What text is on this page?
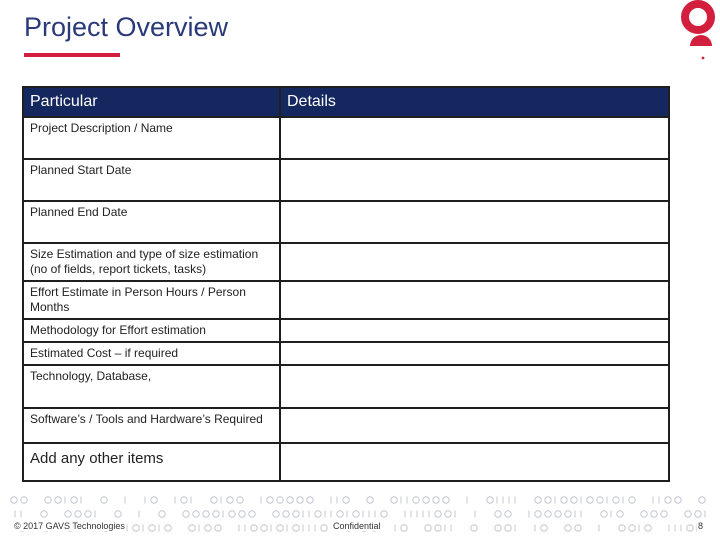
Project Overview
Particular	Details
Project Description / Name	
Planned Start Date	
Planned End Date	
Size Estimation and type of size estimation (no of fields, report tickets, tasks)	
Effort Estimate in Person Hours / Person Months	
Methodology for Effort estimation	
Estimated Cost – if required	
Technology, Database,	
Software’s / Tools and Hardware’s Required	
Add any other items	
© 2017 GAVS Technologies	Confidential	8
